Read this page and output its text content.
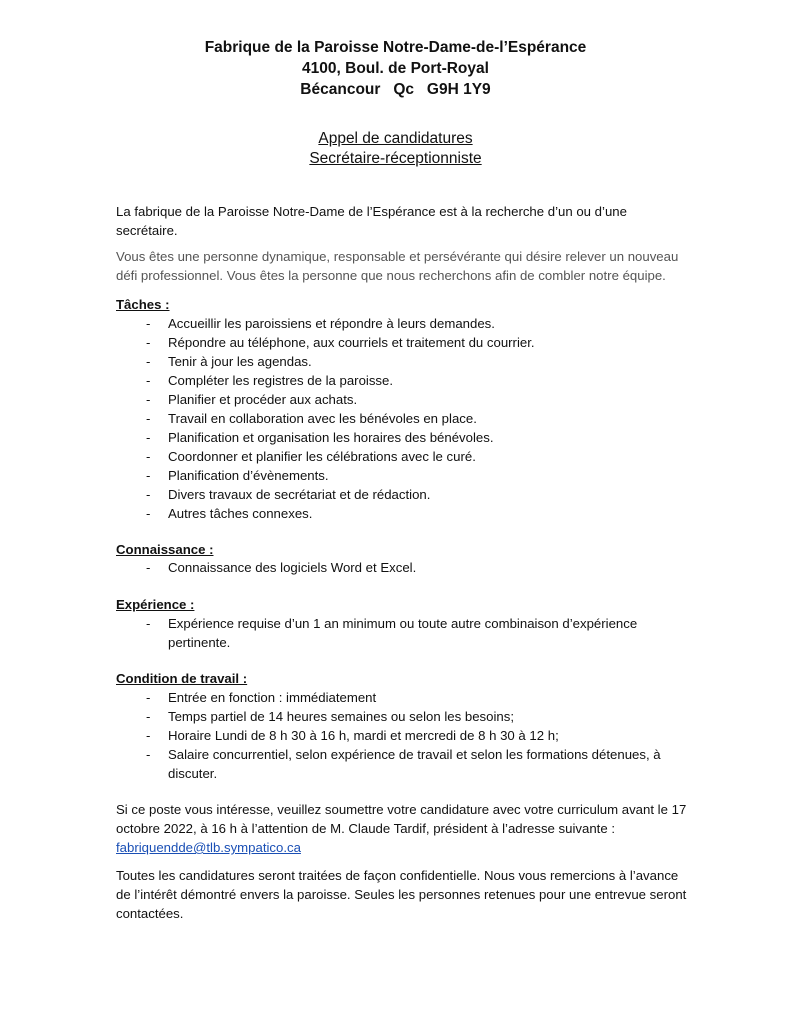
Fabrique de la Paroisse Notre-Dame-de-l’Espérance
4100, Boul. de Port-Royal
Bécancour   Qc   G9H 1Y9
Appel de candidatures
Secrétaire-réceptionniste
La fabrique de la Paroisse Notre-Dame de l’Espérance est à la recherche d’un ou d’une secrétaire.
Vous êtes une personne dynamique, responsable et persévérante qui désire relever un nouveau défi professionnel. Vous êtes la personne que nous recherchons afin de combler notre équipe.
Tâches :
- Accueillir les paroissiens et répondre à leurs demandes.
- Répondre au téléphone, aux courriels et traitement du courrier.
- Tenir à jour les agendas.
- Compléter les registres de la paroisse.
- Planifier et procéder aux achats.
- Travail en collaboration avec les bénévoles en place.
- Planification et organisation les horaires des bénévoles.
- Coordonner et planifier les célébrations avec le curé.
- Planification d’évènements.
- Divers travaux de secrétariat et de rédaction.
- Autres tâches connexes.
Connaissance :
- Connaissance des logiciels Word et Excel.
Expérience :
- Expérience requise d’un 1 an minimum ou toute autre combinaison d’expérience pertinente.
Condition de travail :
- Entrée en fonction : immédiatement
- Temps partiel de 14 heures semaines ou selon les besoins;
- Horaire Lundi de 8 h 30 à 16 h, mardi et mercredi de 8 h 30 à 12 h;
- Salaire concurrentiel, selon expérience de travail et selon les formations détenues, à discuter.
Si ce poste vous intéresse, veuillez soumettre votre candidature avec votre curriculum avant le 17 octobre 2022, à 16 h à l’attention de M. Claude Tardif, président à l’adresse suivante :
fabriquenddе@tlb.sympatico.ca
Toutes les candidatures seront traitées de façon confidentielle. Nous vous remercions à l’avance de l’intérêt démontré envers la paroisse. Seules les personnes retenues pour une entrevue seront contactées.
